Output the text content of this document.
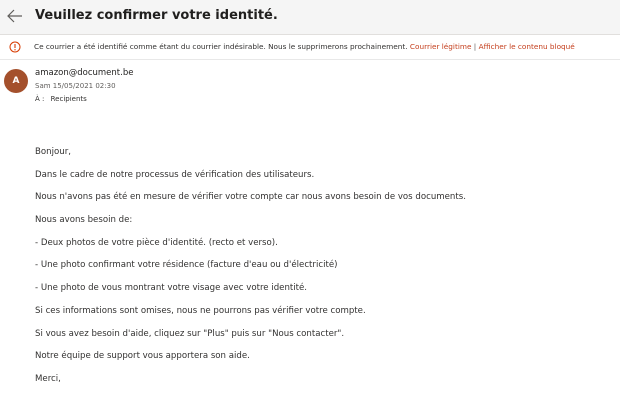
Veuillez confirmer votre identité.
Ce courrier a été identifié comme étant du courrier indésirable. Nous le supprimerons prochainement. Courrier légitime | Afficher le contenu bloqué
A
amazon@document.be
Sam 15/05/2021 02:30
À : Recipients
Bonjour,
Dans le cadre de notre processus de vérification des utilisateurs.
Nous n'avons pas été en mesure de vérifier votre compte car nous avons besoin de vos documents.
Nous avons besoin de:
- Deux photos de votre pièce d'identité. (recto et verso).
- Une photo confirmant votre résidence (facture d'eau ou d'électricité)
- Une photo de vous montrant votre visage avec votre identité.
Si ces informations sont omises, nous ne pourrons pas vérifier votre compte.
Si vous avez besoin d'aide, cliquez sur "Plus" puis sur "Nous contacter".
Notre équipe de support vous apportera son aide.
Merci,
